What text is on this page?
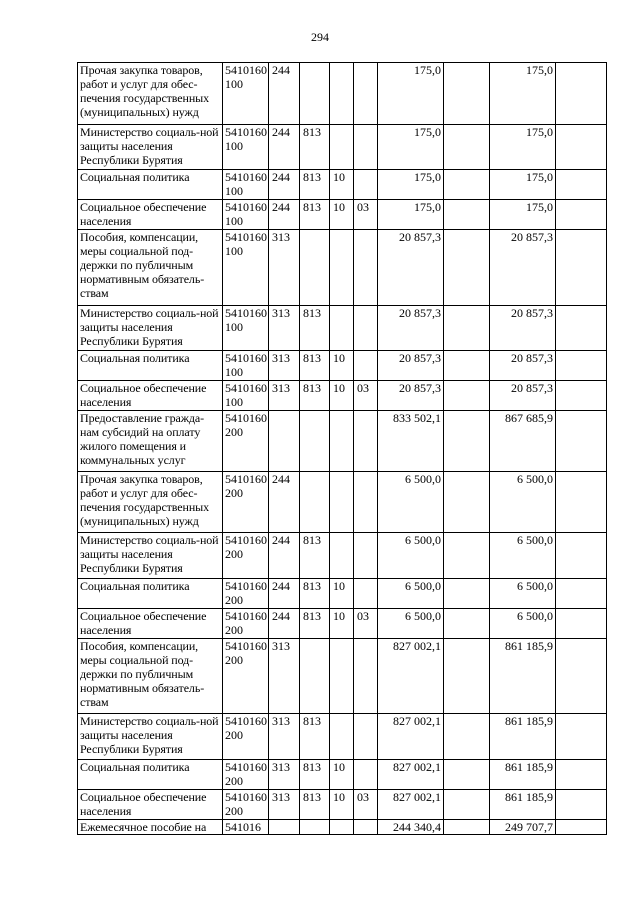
294
Прочая закупка товаров, работ и услуг для обес-печения государственных (муниципальных) нужд	5410160100	244				175,0		175,0	
Министерство социаль-ной защиты населения Республики Бурятия	5410160100	244	813			175,0		175,0	
Социальная политика	5410160100	244	813	10		175,0		175,0	
Социальное обеспечение населения	5410160100	244	813	10	03	175,0		175,0	
Пособия, компенсации, меры социальной под-держки по публичным нормативным обязатель-ствам	5410160100	313				20 857,3		20 857,3	
Министерство социаль-ной защиты населения Республики Бурятия	5410160100	313	813			20 857,3		20 857,3	
Социальная политика	5410160100	313	813	10		20 857,3		20 857,3	
Социальное обеспечение населения	5410160100	313	813	10	03	20 857,3		20 857,3	
Предоставление гражда-нам субсидий на оплату жилого помещения и коммунальных услуг	5410160200					833 502,1		867 685,9	
Прочая закупка товаров, работ и услуг для обес-печения государственных (муниципальных) нужд	5410160200	244				6 500,0		6 500,0	
Министерство социаль-ной защиты населения Республики Бурятия	5410160200	244	813			6 500,0		6 500,0	
Социальная политика	5410160200	244	813	10		6 500,0		6 500,0	
Социальное обеспечение населения	5410160200	244	813	10	03	6 500,0		6 500,0	
Пособия, компенсации, меры социальной под-держки по публичным нормативным обязатель-ствам	5410160200	313				827 002,1		861 185,9	
Министерство социаль-ной защиты населения Республики Бурятия	5410160200	313	813			827 002,1		861 185,9	
Социальная политика	5410160200	313	813	10		827 002,1		861 185,9	
Социальное обеспечение населения	5410160200	313	813	10	03	827 002,1		861 185,9	
Ежемесячное пособие на	541016					244 340,4		249 707,7	
